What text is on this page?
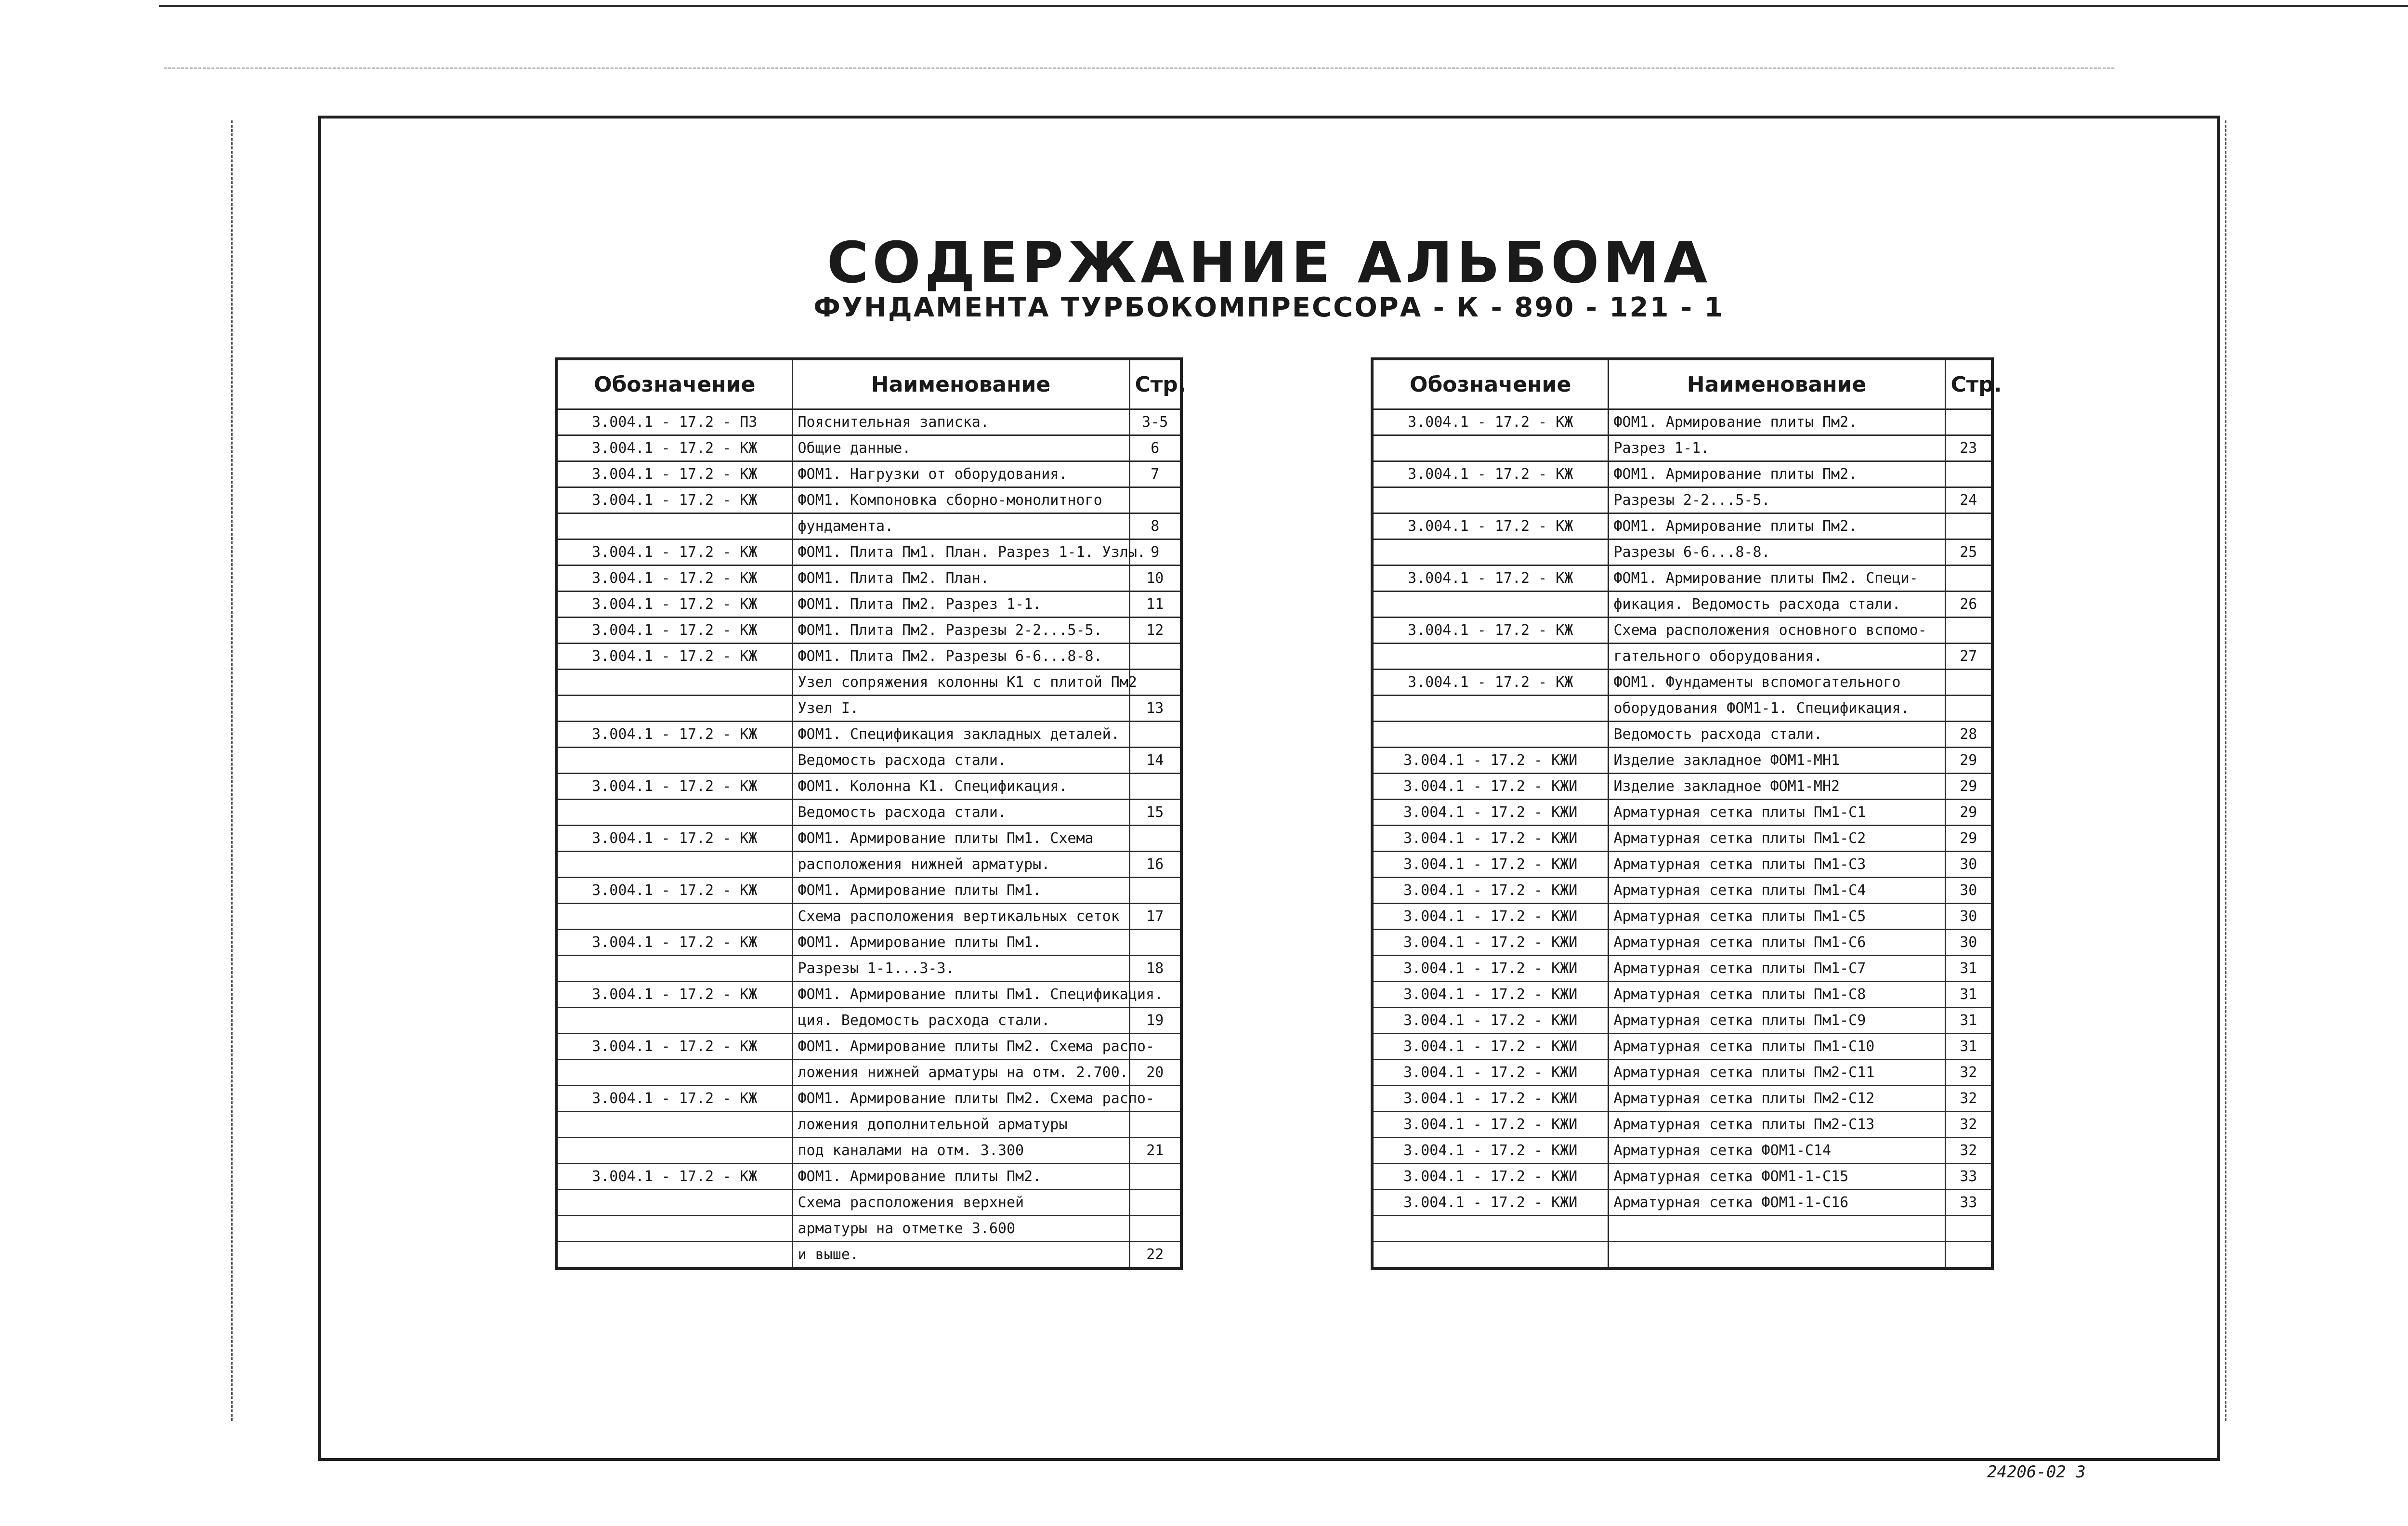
СОДЕРЖАНИЕ АЛЬБОМА
ФУНДАМЕНТА ТУРБОКОМПРЕССОРА - К - 890 - 121 - 1
Обозначение	Наименование	Стр.
3.004.1 - 17.2 - ПЗ	Пояснительная записка.	3-5
3.004.1 - 17.2 - КЖ	Общие данные.	6
3.004.1 - 17.2 - КЖ	ФОМ1. Нагрузки от оборудования.	7
3.004.1 - 17.2 - КЖ	ФОМ1. Компоновка сборно-монолитного	
	фундамента.	8
3.004.1 - 17.2 - КЖ	ФОМ1. Плита Пм1. План. Разрез 1-1. Узлы.	9
3.004.1 - 17.2 - КЖ	ФОМ1. Плита Пм2. План.	10
3.004.1 - 17.2 - КЖ	ФОМ1. Плита Пм2. Разрез 1-1.	11
3.004.1 - 17.2 - КЖ	ФОМ1. Плита Пм2. Разрезы 2-2...5-5.	12
3.004.1 - 17.2 - КЖ	ФОМ1. Плита Пм2. Разрезы 6-6...8-8.	
	Узел сопряжения колонны К1 с плитой Пм2	
	Узел I.	13
3.004.1 - 17.2 - КЖ	ФОМ1. Спецификация закладных деталей.	
	Ведомость расхода стали.	14
3.004.1 - 17.2 - КЖ	ФОМ1. Колонна К1. Спецификация.	
	Ведомость расхода стали.	15
3.004.1 - 17.2 - КЖ	ФОМ1. Армирование плиты Пм1. Схема	
	расположения нижней арматуры.	16
3.004.1 - 17.2 - КЖ	ФОМ1. Армирование плиты Пм1.	
	Схема расположения вертикальных сеток	17
3.004.1 - 17.2 - КЖ	ФОМ1. Армирование плиты Пм1.	
	Разрезы 1-1...3-3.	18
3.004.1 - 17.2 - КЖ	ФОМ1. Армирование плиты Пм1. Спецификация.	
	ция. Ведомость расхода стали.	19
3.004.1 - 17.2 - КЖ	ФОМ1. Армирование плиты Пм2. Схема распо-	
	ложения нижней арматуры на отм. 2.700.	20
3.004.1 - 17.2 - КЖ	ФОМ1. Армирование плиты Пм2. Схема распо-	
	ложения дополнительной арматуры	
	под каналами на отм. 3.300	21
3.004.1 - 17.2 - КЖ	ФОМ1. Армирование плиты Пм2.	
	Схема расположения верхней	
	арматуры на отметке 3.600	
	и выше.	22
Обозначение	Наименование	Стр.
3.004.1 - 17.2 - КЖ	ФОМ1. Армирование плиты Пм2.	
	Разрез 1-1.	23
3.004.1 - 17.2 - КЖ	ФОМ1. Армирование плиты Пм2.	
	Разрезы 2-2...5-5.	24
3.004.1 - 17.2 - КЖ	ФОМ1. Армирование плиты Пм2.	
	Разрезы 6-6...8-8.	25
3.004.1 - 17.2 - КЖ	ФОМ1. Армирование плиты Пм2. Специ-	
	фикация. Ведомость расхода стали.	26
3.004.1 - 17.2 - КЖ	Схема расположения основного вспомо-	
	гательного оборудования.	27
3.004.1 - 17.2 - КЖ	ФОМ1. Фундаменты вспомогательного	
	оборудования ФОМ1-1. Спецификация.	
	Ведомость расхода стали.	28
3.004.1 - 17.2 - КЖИ	Изделие закладное ФОМ1-МН1	29
3.004.1 - 17.2 - КЖИ	Изделие закладное ФОМ1-МН2	29
3.004.1 - 17.2 - КЖИ	Арматурная сетка плиты Пм1-С1	29
3.004.1 - 17.2 - КЖИ	Арматурная сетка плиты Пм1-С2	29
3.004.1 - 17.2 - КЖИ	Арматурная сетка плиты Пм1-С3	30
3.004.1 - 17.2 - КЖИ	Арматурная сетка плиты Пм1-С4	30
3.004.1 - 17.2 - КЖИ	Арматурная сетка плиты Пм1-С5	30
3.004.1 - 17.2 - КЖИ	Арматурная сетка плиты Пм1-С6	30
3.004.1 - 17.2 - КЖИ	Арматурная сетка плиты Пм1-С7	31
3.004.1 - 17.2 - КЖИ	Арматурная сетка плиты Пм1-С8	31
3.004.1 - 17.2 - КЖИ	Арматурная сетка плиты Пм1-С9	31
3.004.1 - 17.2 - КЖИ	Арматурная сетка плиты Пм1-С10	31
3.004.1 - 17.2 - КЖИ	Арматурная сетка плиты Пм2-С11	32
3.004.1 - 17.2 - КЖИ	Арматурная сетка плиты Пм2-С12	32
3.004.1 - 17.2 - КЖИ	Арматурная сетка плиты Пм2-С13	32
3.004.1 - 17.2 - КЖИ	Арматурная сетка ФОМ1-С14	32
3.004.1 - 17.2 - КЖИ	Арматурная сетка ФОМ1-1-С15	33
3.004.1 - 17.2 - КЖИ	Арматурная сетка ФОМ1-1-С16	33

24206-02 3
